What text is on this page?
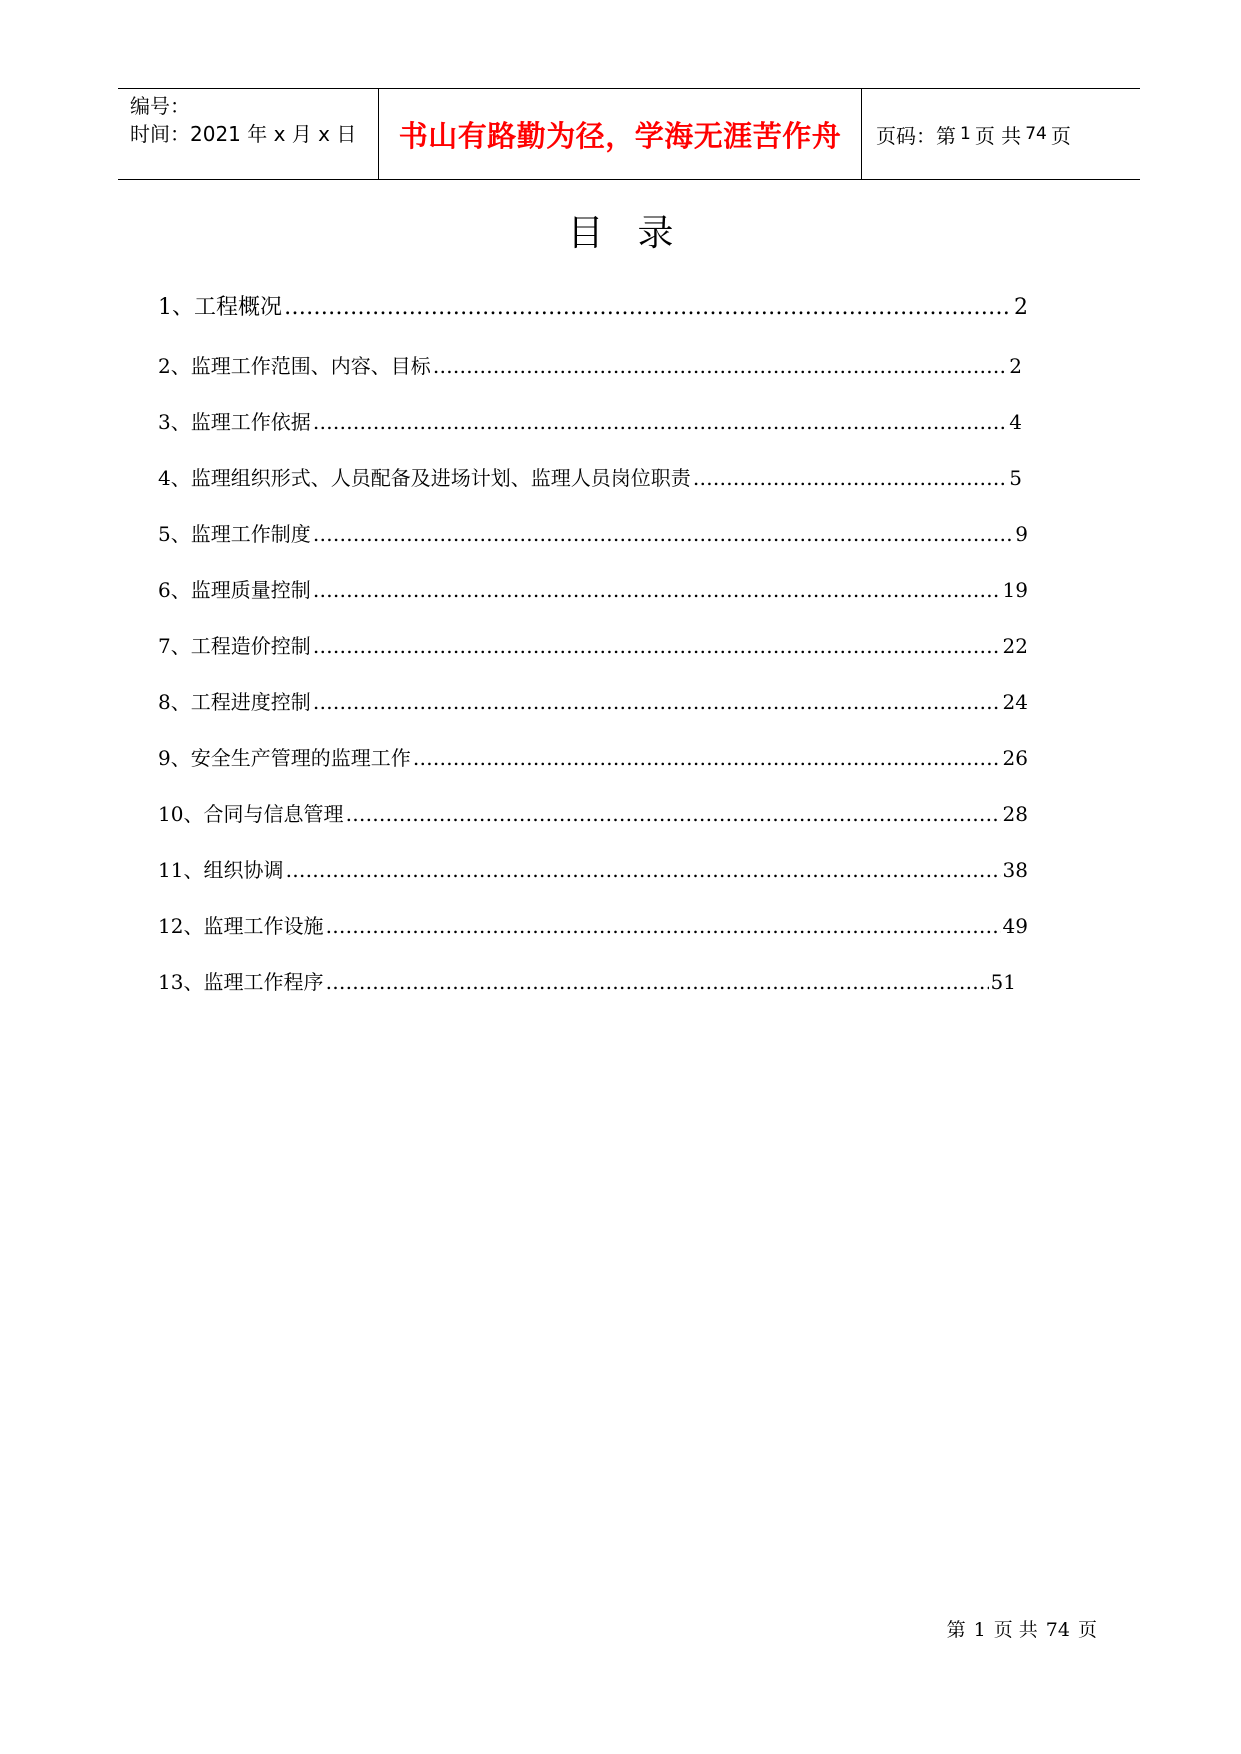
编号：
时间：2021 年 x 月 x 日	书山有路勤为径，学海无涯苦作舟 页码：第 1 页 共 74 页
目录
1、工程概况 ………………………………………………………………………………………………………………………………………………………………………………	2
2、监理工作范围、内容、目标 ………………………………………………………………………………………………………………………………………………………………………………	2
3、监理工作依据 ………………………………………………………………………………………………………………………………………………………………………………	4
4、监理组织形式、人员配备及进场计划、监理人员岗位职责 ………………………………………………………………………………………………………………………………………………………………………………	5
5、监理工作制度 ………………………………………………………………………………………………………………………………………………………………………………	9
6、监理质量控制 ………………………………………………………………………………………………………………………………………………………………………………	19
7、工程造价控制 ………………………………………………………………………………………………………………………………………………………………………………	22
8、工程进度控制 ………………………………………………………………………………………………………………………………………………………………………………	24
9、安全生产管理的监理工作 ………………………………………………………………………………………………………………………………………………………………………………	26
10、合同与信息管理 ………………………………………………………………………………………………………………………………………………………………………………	28
11、组织协调 ………………………………………………………………………………………………………………………………………………………………………………	38
12、监理工作设施 ………………………………………………………………………………………………………………………………………………………………………………	49
13、监理工作程序 ………………………………………………………………………………………………………………………………………………………………………………	51
第 1 页 共 74 页
